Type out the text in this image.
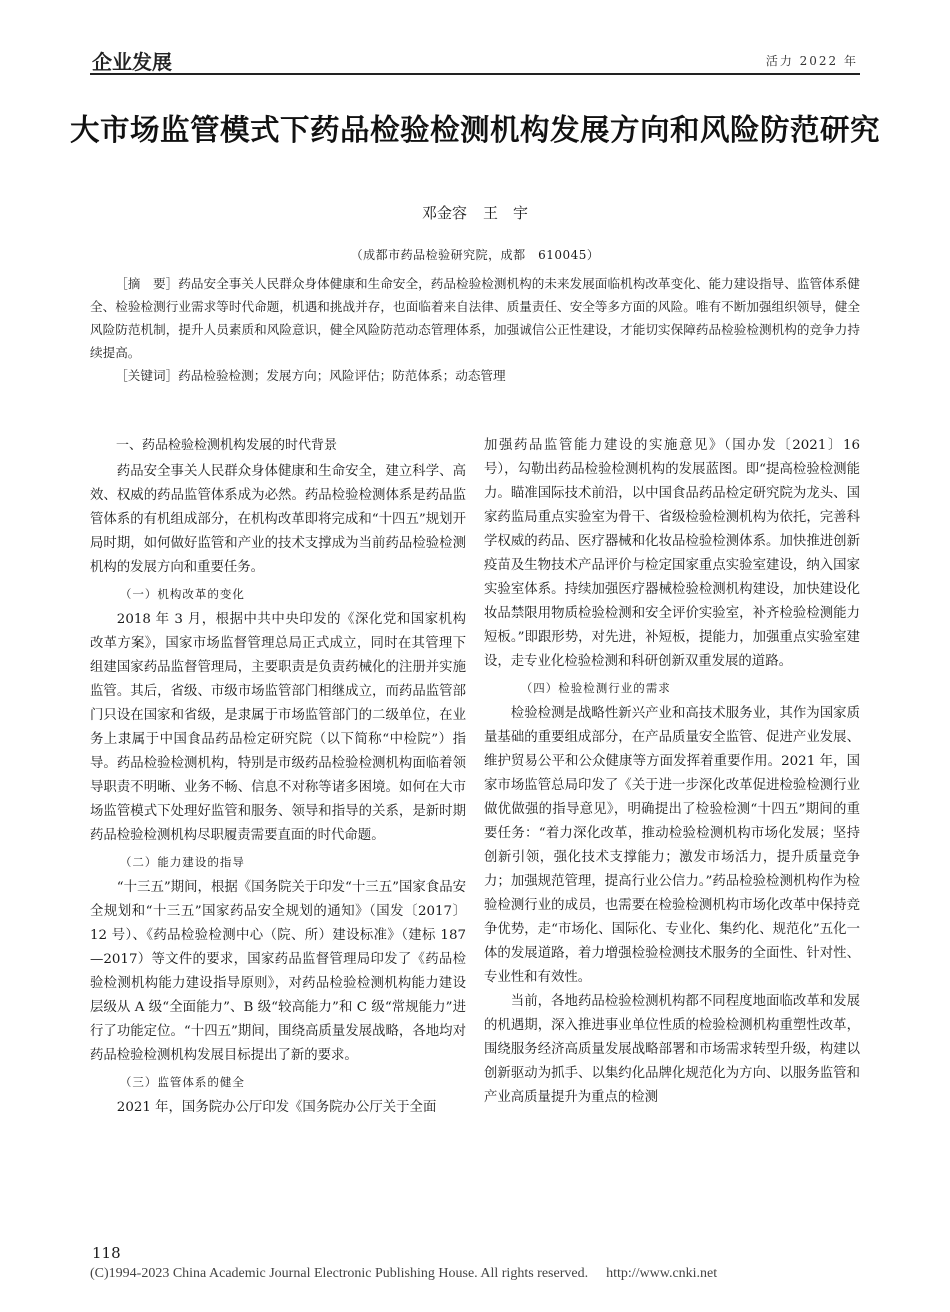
企业发展	活力 2022 年
大市场监管模式下药品检验检测机构发展方向和风险防范研究
邓金容 王　宇
（成都市药品检验研究院，成都　610045）

［摘　要］药品安全事关人民群众身体健康和生命安全，药品检验检测机构的未来发展面临机构改革变化、能力建设指导、监管体系健全、检验检测行业需求等时代命题，机遇和挑战并存，也面临着来自法律、质量责任、安全等多方面的风险。唯有不断加强组织领导，健全风险防范机制，提升人员素质和风险意识，健全风险防范动态管理体系，加强诚信公正性建设，才能切实保障药品检验检测机构的竞争力持续提高。

［关键词］药品检验检测；发展方向；风险评估；防范体系；动态管理

一、药品检验检测机构发展的时代背景

药品安全事关人民群众身体健康和生命安全，建立科学、高效、权威的药品监管体系成为必然。药品检验检测体系是药品监管体系的有机组成部分，在机构改革即将完成和“十四五”规划开局时期，如何做好监管和产业的技术支撑成为当前药品检验检测机构的发展方向和重要任务。

（一）机构改革的变化

2018 年 3 月，根据中共中央印发的《深化党和国家机构改革方案》，国家市场监督管理总局正式成立，同时在其管理下组建国家药品监督管理局，主要职责是负责药械化的注册并实施监管。其后，省级、市级市场监管部门相继成立，而药品监管部门只设在国家和省级，是隶属于市场监管部门的二级单位，在业务上隶属于中国食品药品检定研究院（以下简称“中检院”）指导。药品检验检测机构，特别是市级药品检验检测机构面临着领导职责不明晰、业务不畅、信息不对称等诸多困境。如何在大市场监管模式下处理好监管和服务、领导和指导的关系，是新时期药品检验检测机构尽职履责需要直面的时代命题。

（二）能力建设的指导

“十三五”期间，根据《国务院关于印发“十三五”国家食品安全规划和“十三五”国家药品安全规划的通知》（国发〔2017〕12 号）、《药品检验检测中心（院、所）建设标准》（建标 187—2017）等文件的要求，国家药品监督管理局印发了《药品检验检测机构能力建设指导原则》，对药品检验检测机构能力建设层级从 A 级“全面能力”、B 级“较高能力”和 C 级“常规能力”进行了功能定位。“十四五”期间，围绕高质量发展战略，各地均对药品检验检测机构发展目标提出了新的要求。

（三）监管体系的健全

2021 年，国务院办公厅印发《国务院办公厅关于全面

加强药品监管能力建设的实施意见》（国办发〔2021〕16 号），勾勒出药品检验检测机构的发展蓝图。即“提高检验检测能力。瞄准国际技术前沿，以中国食品药品检定研究院为龙头、国家药监局重点实验室为骨干、省级检验检测机构为依托，完善科学权威的药品、医疗器械和化妆品检验检测体系。加快推进创新疫苗及生物技术产品评价与检定国家重点实验室建设，纳入国家实验室体系。持续加强医疗器械检验检测机构建设，加快建设化妆品禁限用物质检验检测和安全评价实验室，补齐检验检测能力短板。”即跟形势，对先进，补短板，提能力，加强重点实验室建设，走专业化检验检测和科研创新双重发展的道路。

（四）检验检测行业的需求

检验检测是战略性新兴产业和高技术服务业，其作为国家质量基础的重要组成部分，在产品质量安全监管、促进产业发展、维护贸易公平和公众健康等方面发挥着重要作用。2021 年，国家市场监管总局印发了《关于进一步深化改革促进检验检测行业做优做强的指导意见》，明确提出了检验检测“十四五”期间的重要任务：“着力深化改革，推动检验检测机构市场化发展；坚持创新引领，强化技术支撑能力；激发市场活力，提升质量竞争力；加强规范管理，提高行业公信力。”药品检验检测机构作为检验检测行业的成员，也需要在检验检测机构市场化改革中保持竞争优势，走“市场化、国际化、专业化、集约化、规范化”五化一体的发展道路，着力增强检验检测技术服务的全面性、针对性、专业性和有效性。

当前，各地药品检验检测机构都不同程度地面临改革和发展的机遇期，深入推进事业单位性质的检验检测机构重塑性改革，围绕服务经济高质量发展战略部署和市场需求转型升级，构建以创新驱动为抓手、以集约化品牌化规范化为方向、以服务监管和产业高质量提升为重点的检测

118
(C)1994-2023 China Academic Journal Electronic Publishing House. All rights reserved. http://www.cnki.net
